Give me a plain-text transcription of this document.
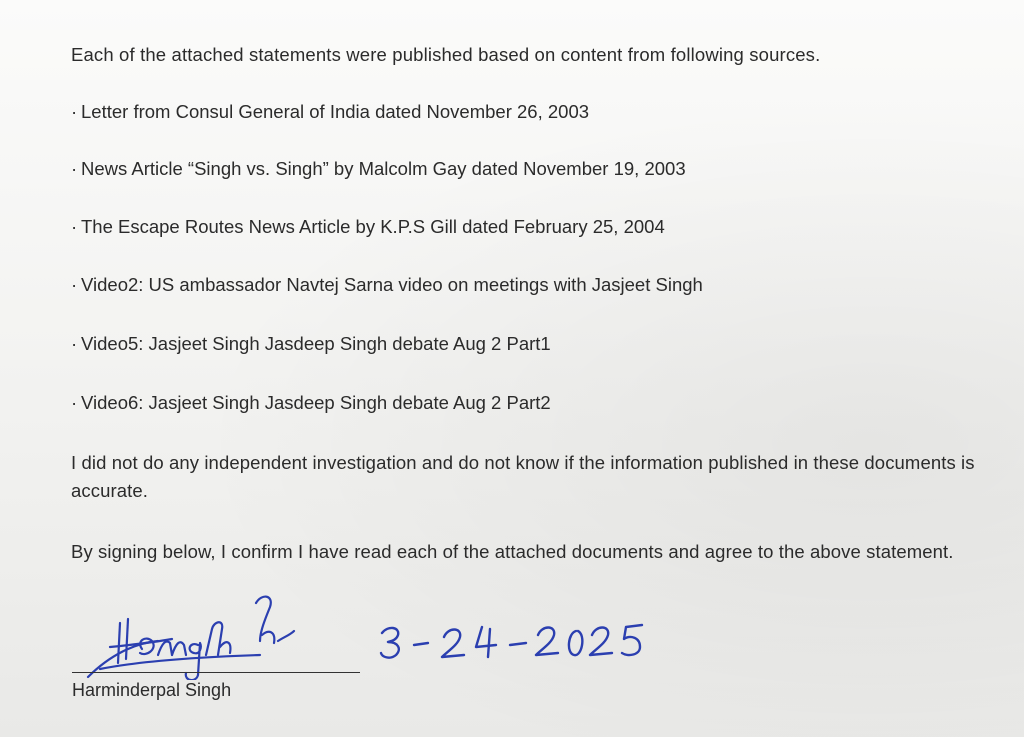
Each of the attached statements were published based on content from following sources.
· Letter from Consul General of India dated November 26, 2003
· News Article “Singh vs. Singh” by Malcolm Gay dated November 19, 2003
· The Escape Routes News Article by K.P.S Gill dated February 25, 2004
· Video2: US ambassador Navtej Sarna video on meetings with Jasjeet Singh
· Video5: Jasjeet Singh Jasdeep Singh debate Aug 2 Part1
· Video6: Jasjeet Singh Jasdeep Singh debate Aug 2 Part2
I did not do any independent investigation and do not know if the information published in these documents is accurate.
By signing below, I confirm I have read each of the attached documents and agree to the above statement.
Harminderpal Singh
